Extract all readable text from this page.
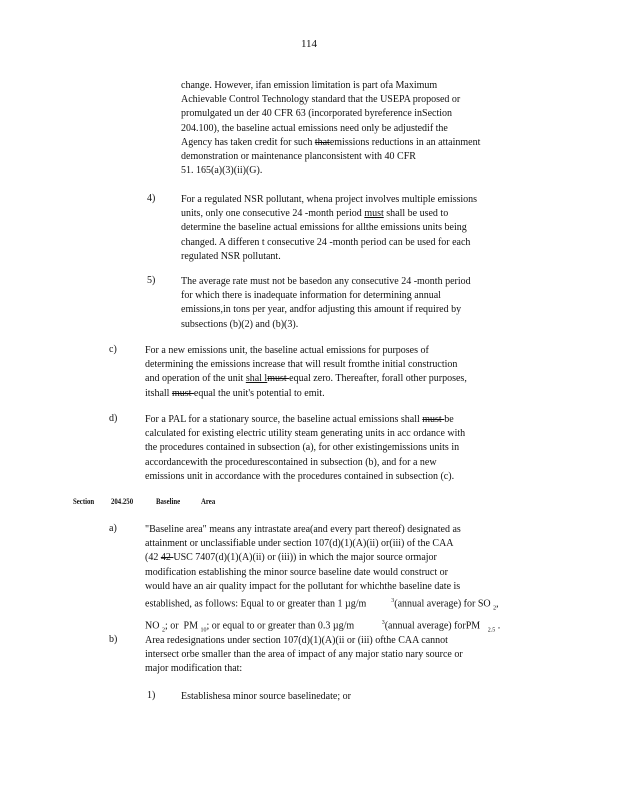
114
change. However, ifan emission limitation is part ofa Maximum
Achievable Control Technology standard that the USEPA proposed or
promulgated un der 40 CFR 63 (incorporated byreference inSection
204.100), the baseline actual emissions need only be adjustedif the
Agency has taken credit for such thatemissions reductions in an attainment
demonstration or maintenance planconsistent with 40 CFR
51. 165(a)(3)(ii)(G).
4)	For a regulated NSR pollutant, whena project involves multiple emissions
units, only one consecutive 24 -month period must shall be used to
determine the baseline actual emissions for allthe emissions units being
changed. A differen t consecutive 24 -month period can be used for each
regulated NSR pollutant.
5)	The average rate must not be basedon any consecutive 24 -month period
for which there is inadequate information for determining annual
emissions,in tons per year, andfor adjusting this amount if required by
subsections (b)(2) and (b)(3).
c)	For a new emissions unit, the baseline actual emissions for purposes of
determining the emissions increase that will result fromthe initial construction
and operation of the unit shal lmust equal zero. Thereafter, forall other purposes,
itshall must equal the unit's potential to emit.
d)	For a PAL for a stationary source, the baseline actual emissions shall must be
calculated for existing electric utility steam generating units in acc ordance with
the procedures contained in subsection (a), for other existingemissions units in
accordancewith the procedurescontained in subsection (b), and for a new
emissions unit in accordance with the procedures contained in subsection (c).
Section 204.250	Baseline	Area
a)	"Baseline area" means any intrastate area(and every part thereof) designated as
attainment or unclassifiable under section 107(d)(1)(A)(ii) or(iii) of the CAA
(42 42 USC 7407(d)(1)(A)(ii) or (iii)) in which the major source ormajor
modification establishing the minor source baseline date would construct or
would have an air quality impact for the pollutant for whichthe baseline date is
established, as follows: Equal to or greater than 1 µg/m	$^3$(annual average) for SO $_2$,
NO $_2$; or  PM $_{10}$; or equal to or greater than 0.3 µg/m           $^3$(annual average) forPM $_{2.5}$ .
b)	Area redesignations under section 107(d)(1)(A)(ii or (iii) ofthe CAA cannot
intersect orbe smaller than the area of impact of any major statio nary source or
major modification that:
1)	Establishesa minor source baselinedate; or
